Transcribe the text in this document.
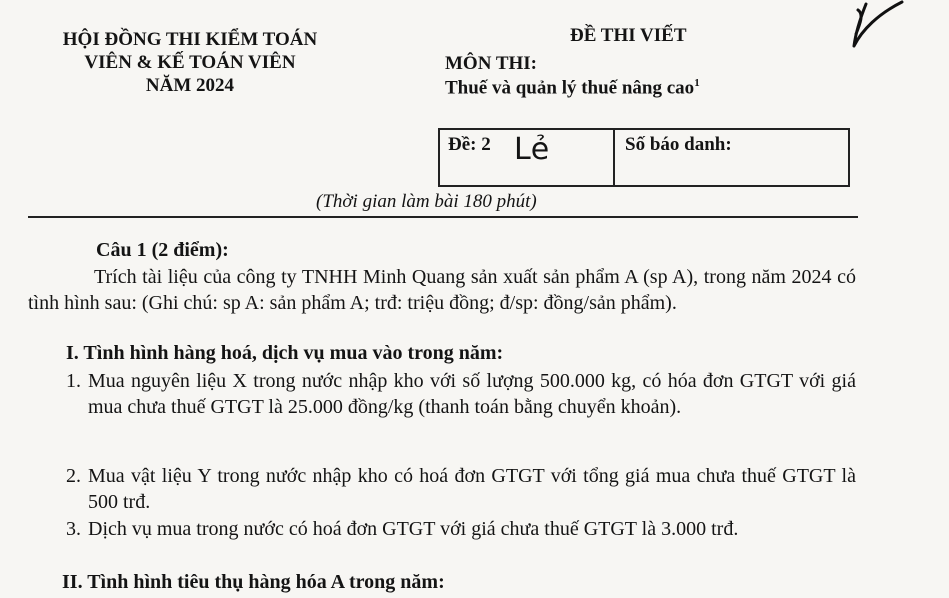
HỘI ĐỒNG THI KIỂM TOÁN
VIÊN & KẾ TOÁN VIÊN
NĂM 2024
ĐỀ THI VIẾT
MÔN THI:
Thuế và quản lý thuế nâng cao$^1$
Đề: 2 Lẻ	Số báo danh:
(Thời gian làm bài 180 phút)
Câu 1 (2 điểm):
Trích tài liệu của công ty TNHH Minh Quang sản xuất sản phẩm A (sp A), trong năm 2024 có tình hình sau: (Ghi chú: sp A: sản phẩm A; trđ: triệu đồng; đ/sp: đồng/sản phẩm).
I. Tình hình hàng hoá, dịch vụ mua vào trong năm:
1. Mua nguyên liệu X trong nước nhập kho với số lượng 500.000 kg, có hóa đơn GTGT với giá mua chưa thuế GTGT là 25.000 đồng/kg (thanh toán bằng chuyển khoản).
2. Mua vật liệu Y trong nước nhập kho có hoá đơn GTGT với tổng giá mua chưa thuế GTGT là 500 trđ.
3. Dịch vụ mua trong nước có hoá đơn GTGT với giá chưa thuế GTGT là 3.000 trđ.
II. Tình hình tiêu thụ hàng hóa A trong năm:
